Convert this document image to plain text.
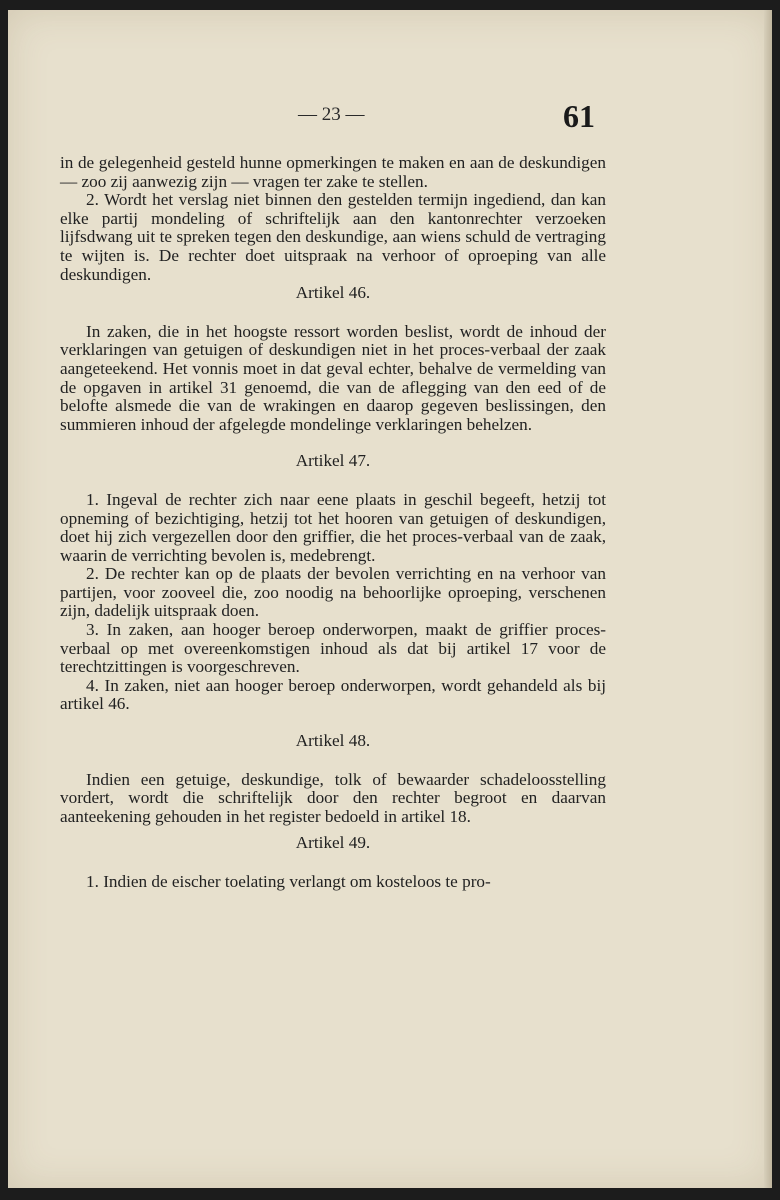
— 23 —	61

in de gelegenheid gesteld hunne opmerkingen te maken en aan de deskundigen — zoo zij aanwezig zijn — vragen ter zake te stellen.

2. Wordt het verslag niet binnen den gestelden termijn ingediend, dan kan elke partij mondeling of schriftelijk aan den kantonrechter verzoeken lijfsdwang uit te spreken tegen den deskundige, aan wiens schuld de vertraging te wijten is. De rechter doet uitspraak na verhoor of oproeping van alle deskundigen.

Artikel 46.

In zaken, die in het hoogste ressort worden beslist, wordt de inhoud der verklaringen van getuigen of deskundigen niet in het proces-verbaal der zaak aangeteekend. Het vonnis moet in dat geval echter, behalve de vermelding van de opgaven in artikel 31 genoemd, die van de aflegging van den eed of de belofte alsmede die van de wrakingen en daarop gegeven beslissingen, den summieren inhoud der afgelegde mondelinge verklaringen behelzen.

Artikel 47.

1. Ingeval de rechter zich naar eene plaats in geschil begeeft, hetzij tot opneming of bezichtiging, hetzij tot het hooren van getuigen of deskundigen, doet hij zich vergezellen door den griffier, die het proces-verbaal van de zaak, waarin de verrichting bevolen is, medebrengt.

2. De rechter kan op de plaats der bevolen verrichting en na verhoor van partijen, voor zooveel die, zoo noodig na behoorlijke oproeping, verschenen zijn, dadelijk uitspraak doen.

3. In zaken, aan hooger beroep onderworpen, maakt de griffier proces-verbaal op met overeenkomstigen inhoud als dat bij artikel 17 voor de terechtzittingen is voorgeschreven.

4. In zaken, niet aan hooger beroep onderworpen, wordt gehandeld als bij artikel 46.

Artikel 48.

Indien een getuige, deskundige, tolk of bewaarder schadeloosstelling vordert, wordt die schriftelijk door den rechter begroot en daarvan aanteekening gehouden in het register bedoeld in artikel 18.

Artikel 49.

1. Indien de eischer toelating verlangt om kosteloos te pro-
